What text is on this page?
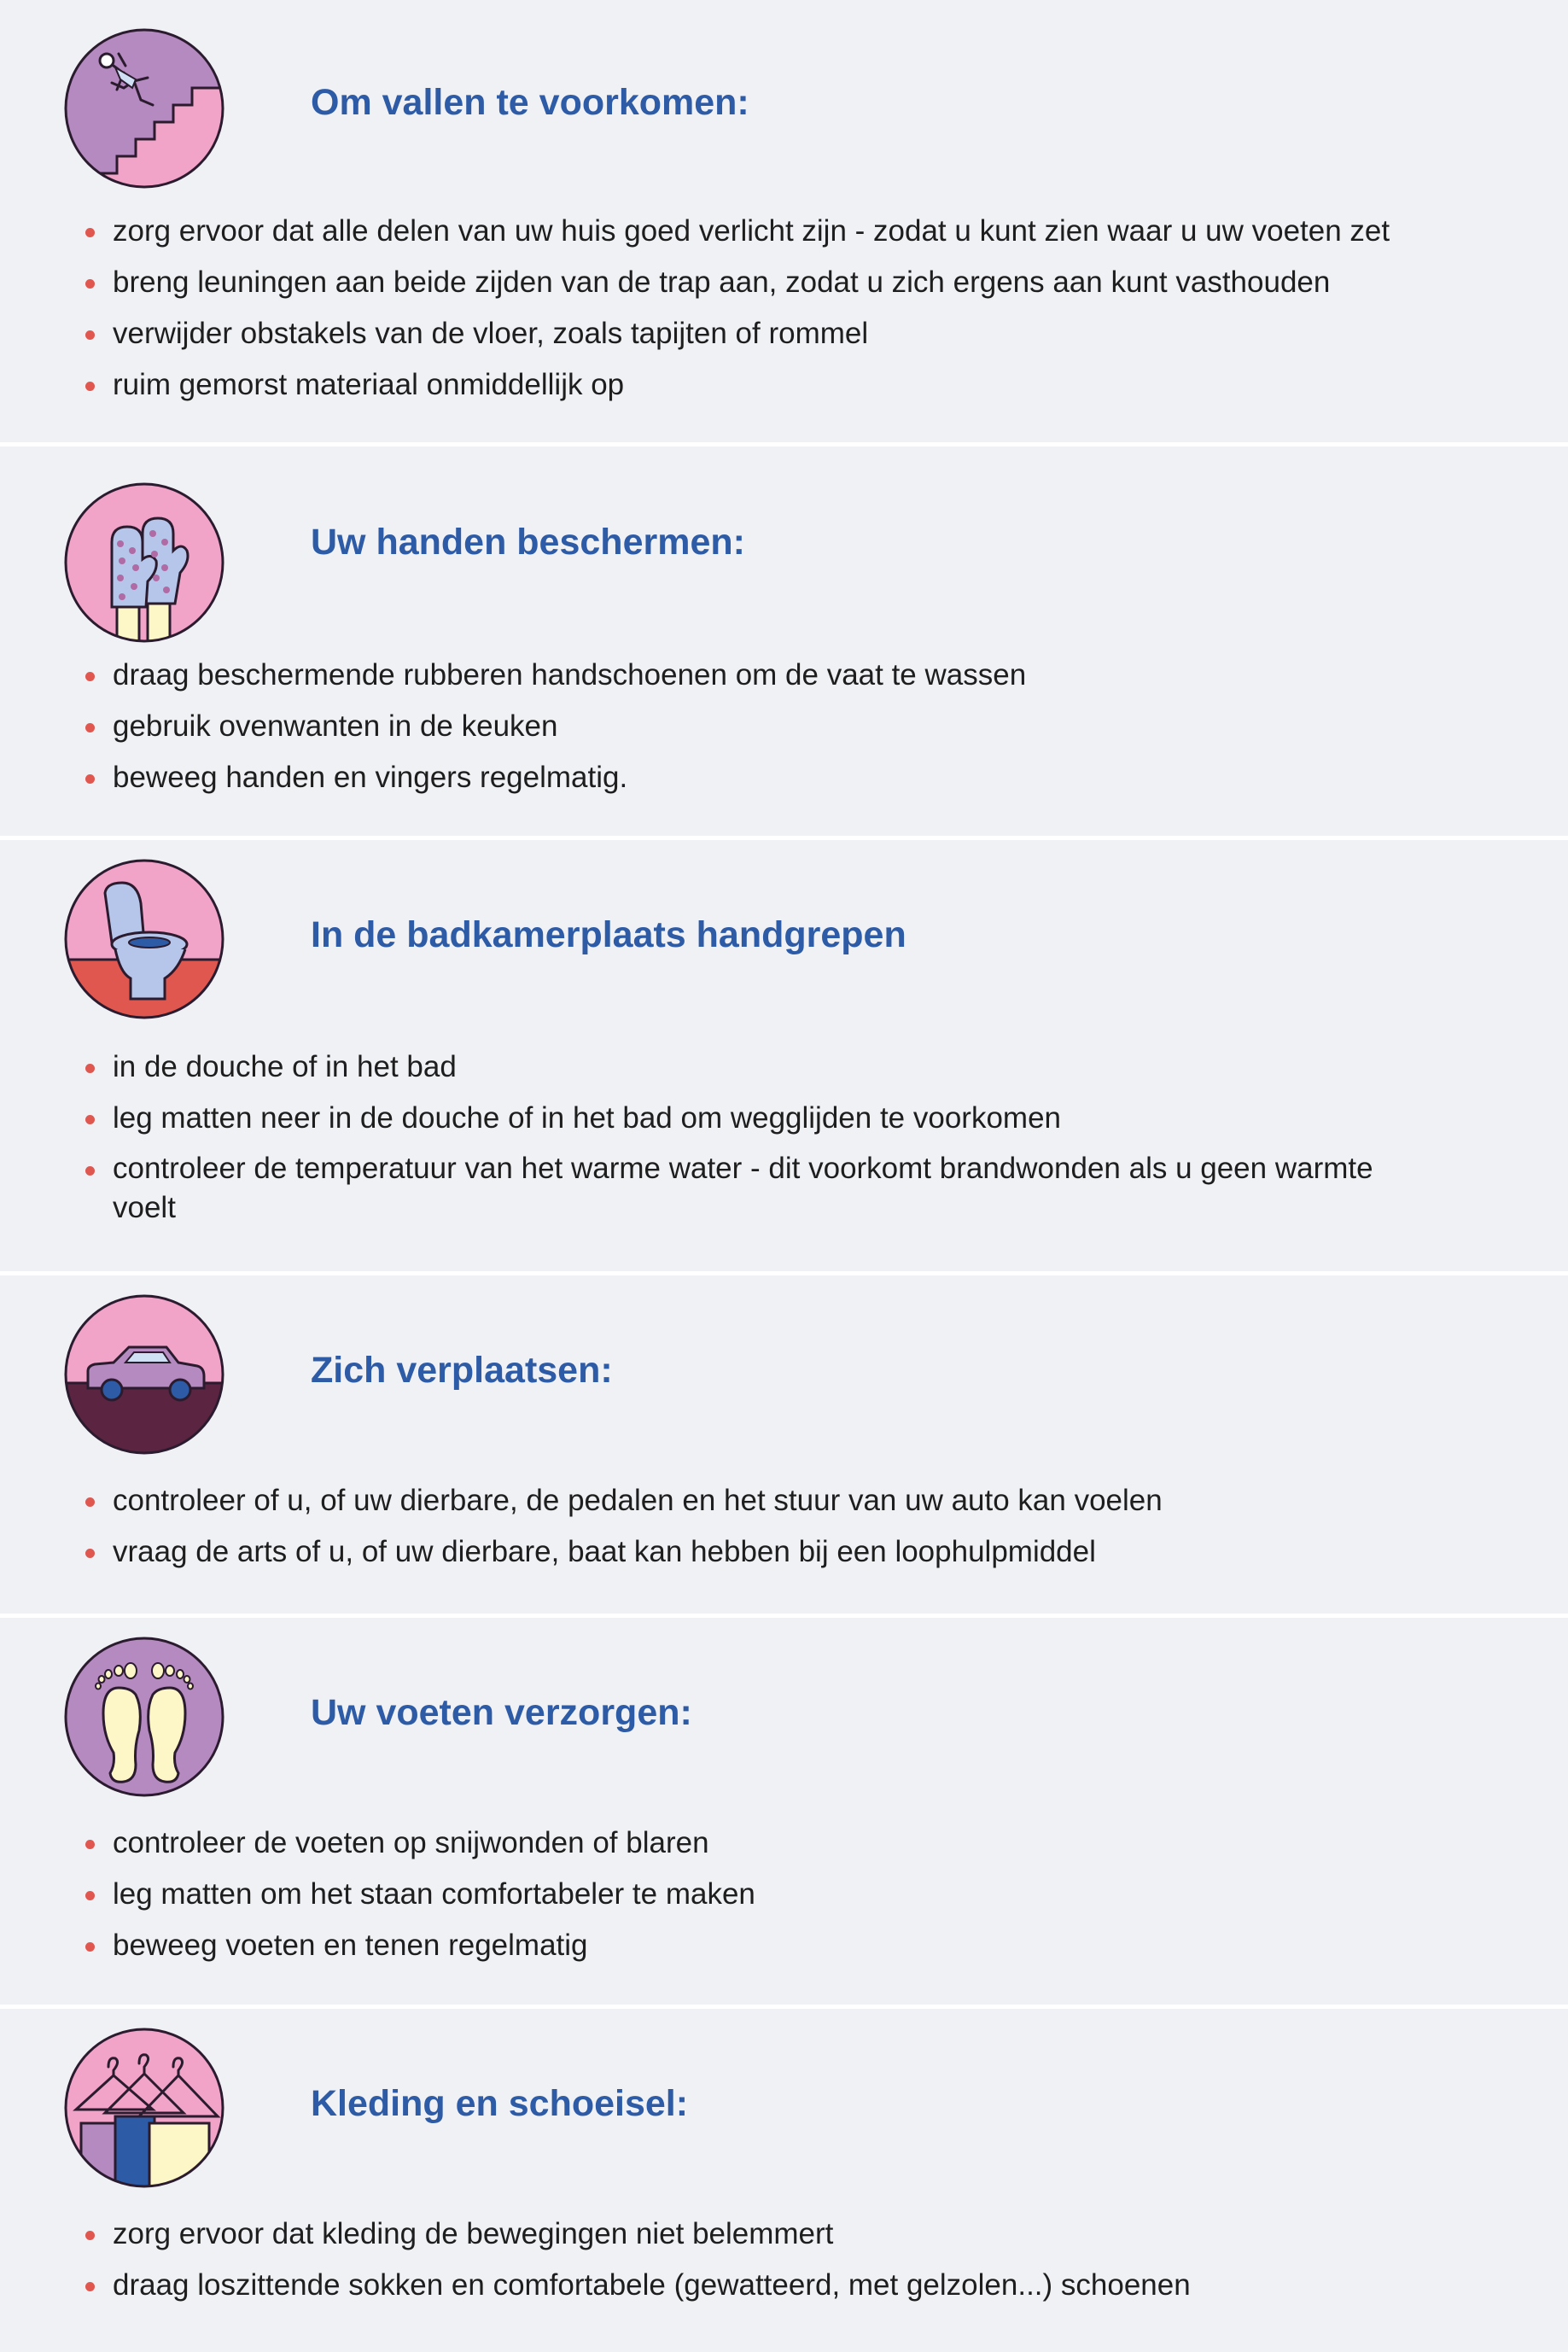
Om vallen te voorkomen:
zorg ervoor dat alle delen van uw huis goed verlicht zijn - zodat u kunt zien waar u uw voeten zet
breng leuningen aan beide zijden van de trap aan, zodat u zich ergens aan kunt vasthouden
verwijder obstakels van de vloer, zoals tapijten of rommel
ruim gemorst materiaal onmiddellijk op
Uw handen beschermen:
draag beschermende rubberen handschoenen om de vaat te wassen
gebruik ovenwanten in de keuken
beweeg handen en vingers regelmatig.
In de badkamerplaats handgrepen
in de douche of in het bad
leg matten neer in de douche of in het bad om wegglijden te voorkomen
controleer de temperatuur van het warme water - dit voorkomt brandwonden als u geen warmte voelt
Zich verplaatsen:
controleer of u, of uw dierbare, de pedalen en het stuur van uw auto kan voelen
vraag de arts of u, of uw dierbare, baat kan hebben bij een loophulpmiddel
Uw voeten verzorgen:
controleer de voeten op snijwonden of blaren
leg matten om het staan comfortabeler te maken
beweeg voeten en tenen regelmatig
Kleding en schoeisel:
zorg ervoor dat kleding de bewegingen niet belemmert
draag loszittende sokken en comfortabele (gewatteerd, met gelzolen...) schoenen
